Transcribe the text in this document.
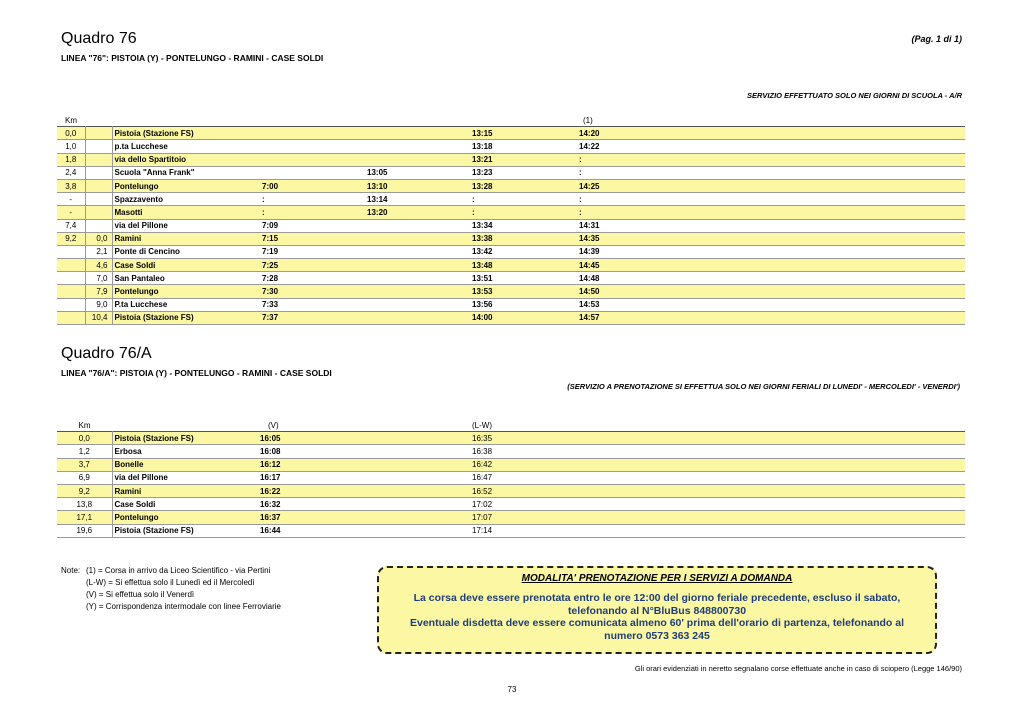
Quadro 76
LINEA "76": PISTOIA (Y) - PONTELUNGO - RAMINI - CASE SOLDI
(Pag. 1 di 1)
SERVIZIO EFFETTUATO SOLO NEI GIORNI DI SCUOLA - A/R
Km						(1)	
0,0		Pistoia (Stazione FS)			13:15	14:20	
1,0		p.ta Lucchese			13:18	14:22	
1,8		via dello Spartitoio			13:21	:	
2,4		Scuola "Anna Frank"		13:05	13:23	:	
3,8		Pontelungo	7:00	13:10	13:28	14:25	
-		Spazzavento	:	13:14	:	:	
-		Masotti	:	13:20	:	:	
7,4		via del Pillone	7:09		13:34	14:31	
9,2	0,0	Ramini	7:15		13:38	14:35	
	2,1	Ponte di Cencino	7:19		13:42	14:39	
	4,6	Case Soldi	7:25		13:48	14:45	
	7,0	San Pantaleo	7:28		13:51	14:48	
	7,9	Pontelungo	7:30		13:53	14:50	
	9,0	P.ta Lucchese	7:33		13:56	14:53	
	10,4	Pistoia (Stazione FS)	7:37		14:00	14:57	
Quadro 76/A
LINEA "76/A": PISTOIA (Y) - PONTELUNGO - RAMINI - CASE SOLDI
(SERVIZIO A PRENOTAZIONE SI EFFETTUA SOLO NEI GIORNI FERIALI DI LUNEDI' - MERCOLEDI' - VENERDI')
Km		(V)	(L-W)	
0,0	Pistoia (Stazione FS)	16:05	16:35	
1,2	Erbosa	16:08	16:38	
3,7	Bonelle	16:12	16:42	
6,9	via del Pillone	16:17	16:47	
9,2	Ramini	16:22	16:52	
13,8	Case Soldi	16:32	17:02	
17,1	Pontelungo	16:37	17:07	
19,6	Pistoia (Stazione FS)	16:44	17:14	
Note: (1) = Corsa in arrivo da Liceo Scientifico - via Pertini
(L-W) = Si effettua solo il Lunedì ed il Mercoledì
(V) = Si effettua solo il Venerdì
(Y) = Corrispondenza intermodale con linee Ferroviarie
MODALITA' PRENOTAZIONE PER I SERVIZI A DOMANDA
La corsa deve essere prenotata entro le ore 12:00 del giorno feriale precedente, escluso il sabato,
telefonando al N°BluBus 848800730
Eventuale disdetta deve essere comunicata almeno 60' prima dell'orario di partenza, telefonando al
numero 0573 363 245
Gli orari evidenziati in neretto segnalano corse effettuate anche in caso di sciopero (Legge 146/90)
73
